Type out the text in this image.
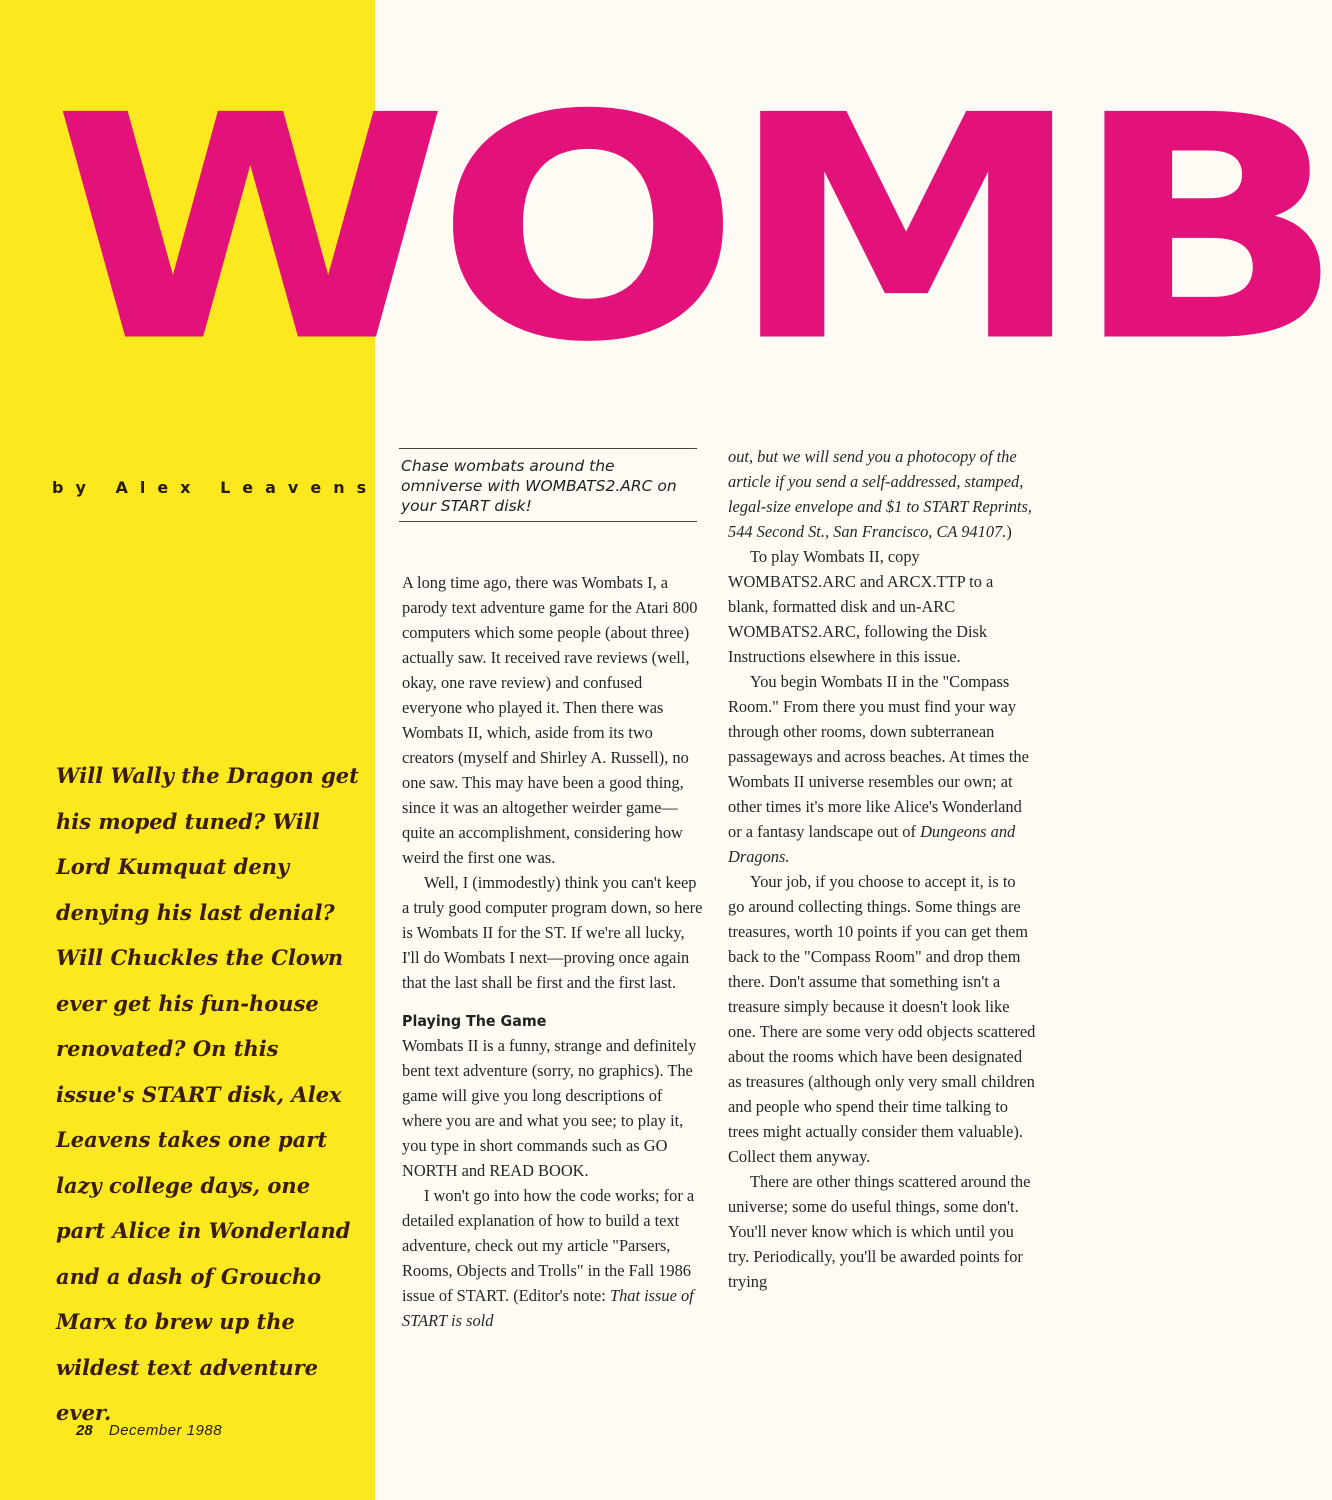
WOMB
by Alex Leavens

Will Wally the Dragon get his moped tuned? Will Lord Kumquat deny denying his last denial? Will Chuckles the Clown ever get his fun-house renovated? On this issue's START disk, Alex Leavens takes one part lazy college days, one part Alice in Wonderland and a dash of Groucho Marx to brew up the wildest text adventure ever.

28 December 1988

Chase wombats around the omniverse with WOMBATS2.ARC on your START disk!

A long time ago, there was Wombats I, a parody text adventure game for the Atari 800 computers which some people (about three) actually saw. It received rave reviews (well, okay, one rave review) and confused everyone who played it. Then there was Wombats II, which, aside from its two creators (myself and Shirley A. Russell), no one saw. This may have been a good thing, since it was an altogether weirder game—quite an accomplishment, considering how weird the first one was.

Well, I (immodestly) think you can't keep a truly good computer program down, so here is Wombats II for the ST. If we're all lucky, I'll do Wombats I next—proving once again that the last shall be first and the first last.

Playing The Game

Wombats II is a funny, strange and definitely bent text adventure (sorry, no graphics). The game will give you long descriptions of where you are and what you see; to play it, you type in short commands such as GO NORTH and READ BOOK.

I won't go into how the code works; for a detailed explanation of how to build a text adventure, check out my article "Parsers, Rooms, Objects and Trolls" in the Fall 1986 issue of START. (Editor's note: That issue of START is sold

out, but we will send you a photocopy of the article if you send a self-addressed, stamped, legal-size envelope and $1 to START Reprints, 544 Second St., San Francisco, CA 94107.)

To play Wombats II, copy WOMBATS2.ARC and ARCX.TTP to a blank, formatted disk and un-ARC WOMBATS2.ARC, following the Disk Instructions elsewhere in this issue.

You begin Wombats II in the "Compass Room." From there you must find your way through other rooms, down subterranean passageways and across beaches. At times the Wombats II universe resembles our own; at other times it's more like Alice's Wonderland or a fantasy landscape out of Dungeons and Dragons.

Your job, if you choose to accept it, is to go around collecting things. Some things are treasures, worth 10 points if you can get them back to the "Compass Room" and drop them there. Don't assume that something isn't a treasure simply because it doesn't look like one. There are some very odd objects scattered about the rooms which have been designated as treasures (although only very small children and people who spend their time talking to trees might actually consider them valuable). Collect them anyway.

There are other things scattered around the universe; some do useful things, some don't. You'll never know which is which until you try. Periodically, you'll be awarded points for trying
